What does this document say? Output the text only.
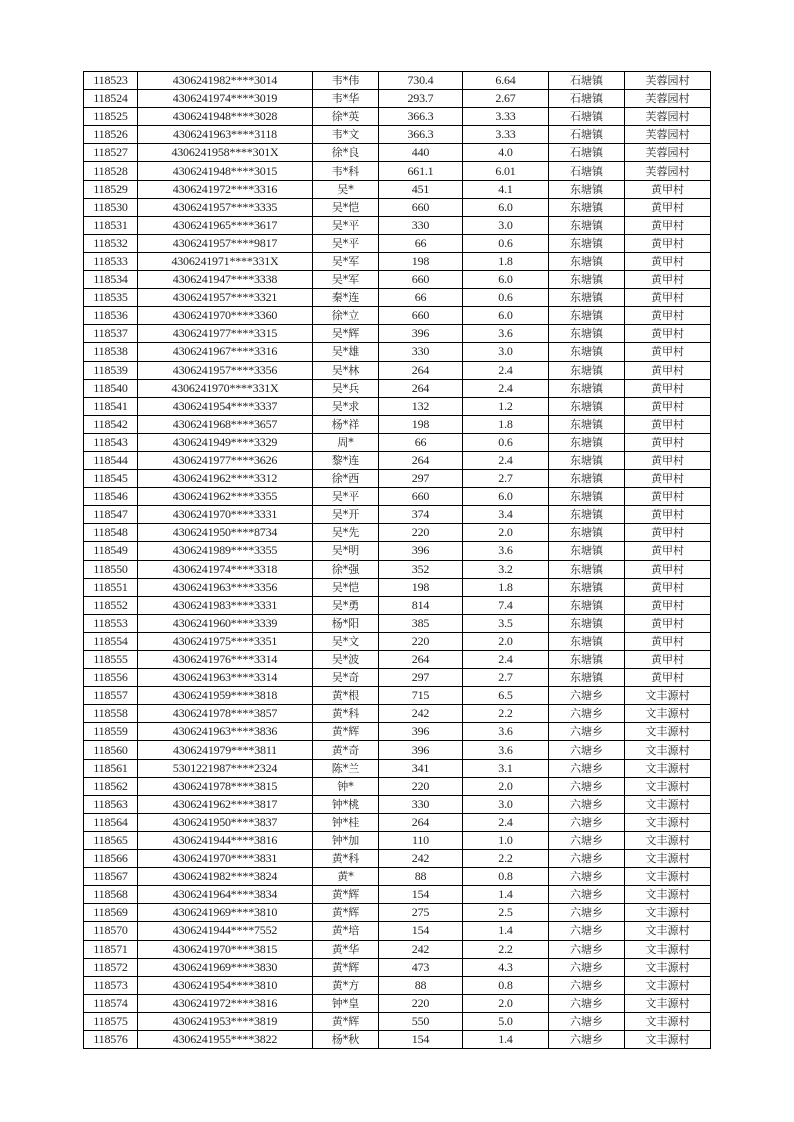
118523	4306241982****3014	韦*伟	730.4	6.64	石塘镇	芙蓉园村
118524	4306241974****3019	韦*华	293.7	2.67	石塘镇	芙蓉园村
118525	4306241948****3028	徐*英	366.3	3.33	石塘镇	芙蓉园村
118526	4306241963****3118	韦*文	366.3	3.33	石塘镇	芙蓉园村
118527	4306241958****301X	徐*良	440	4.0	石塘镇	芙蓉园村
118528	4306241948****3015	韦*科	661.1	6.01	石塘镇	芙蓉园村
118529	4306241972****3316	吴*	451	4.1	东塘镇	黄甲村
118530	4306241957****3335	吴*恺	660	6.0	东塘镇	黄甲村
118531	4306241965****3617	吴*平	330	3.0	东塘镇	黄甲村
118532	4306241957****9817	吴*平	66	0.6	东塘镇	黄甲村
118533	4306241971****331X	吴*军	198	1.8	东塘镇	黄甲村
118534	4306241947****3338	吴*军	660	6.0	东塘镇	黄甲村
118535	4306241957****3321	秦*连	66	0.6	东塘镇	黄甲村
118536	4306241970****3360	徐*立	660	6.0	东塘镇	黄甲村
118537	4306241977****3315	吴*辉	396	3.6	东塘镇	黄甲村
118538	4306241967****3316	吴*雄	330	3.0	东塘镇	黄甲村
118539	4306241957****3356	吴*林	264	2.4	东塘镇	黄甲村
118540	4306241970****331X	吴*兵	264	2.4	东塘镇	黄甲村
118541	4306241954****3337	吴*求	132	1.2	东塘镇	黄甲村
118542	4306241968****3657	杨*祥	198	1.8	东塘镇	黄甲村
118543	4306241949****3329	周*	66	0.6	东塘镇	黄甲村
118544	4306241977****3626	黎*连	264	2.4	东塘镇	黄甲村
118545	4306241962****3312	徐*西	297	2.7	东塘镇	黄甲村
118546	4306241962****3355	吴*平	660	6.0	东塘镇	黄甲村
118547	4306241970****3331	吴*开	374	3.4	东塘镇	黄甲村
118548	4306241950****8734	吴*先	220	2.0	东塘镇	黄甲村
118549	4306241989****3355	吴*明	396	3.6	东塘镇	黄甲村
118550	4306241974****3318	徐*强	352	3.2	东塘镇	黄甲村
118551	4306241963****3356	吴*恺	198	1.8	东塘镇	黄甲村
118552	4306241983****3331	吴*勇	814	7.4	东塘镇	黄甲村
118553	4306241960****3339	杨*阳	385	3.5	东塘镇	黄甲村
118554	4306241975****3351	吴*文	220	2.0	东塘镇	黄甲村
118555	4306241976****3314	吴*波	264	2.4	东塘镇	黄甲村
118556	4306241963****3314	吴*奇	297	2.7	东塘镇	黄甲村
118557	4306241959****3818	黄*根	715	6.5	六塘乡	文丰源村
118558	4306241978****3857	黄*科	242	2.2	六塘乡	文丰源村
118559	4306241963****3836	黄*辉	396	3.6	六塘乡	文丰源村
118560	4306241979****3811	黄*奇	396	3.6	六塘乡	文丰源村
118561	5301221987****2324	陈*兰	341	3.1	六塘乡	文丰源村
118562	4306241978****3815	钟*	220	2.0	六塘乡	文丰源村
118563	4306241962****3817	钟*桃	330	3.0	六塘乡	文丰源村
118564	4306241950****3837	钟*桂	264	2.4	六塘乡	文丰源村
118565	4306241944****3816	钟*加	110	1.0	六塘乡	文丰源村
118566	4306241970****3831	黄*科	242	2.2	六塘乡	文丰源村
118567	4306241982****3824	黄*	88	0.8	六塘乡	文丰源村
118568	4306241964****3834	黄*辉	154	1.4	六塘乡	文丰源村
118569	4306241969****3810	黄*辉	275	2.5	六塘乡	文丰源村
118570	4306241944****7552	黄*培	154	1.4	六塘乡	文丰源村
118571	4306241970****3815	黄*华	242	2.2	六塘乡	文丰源村
118572	4306241969****3830	黄*辉	473	4.3	六塘乡	文丰源村
118573	4306241954****3810	黄*方	88	0.8	六塘乡	文丰源村
118574	4306241972****3816	钟*皇	220	2.0	六塘乡	文丰源村
118575	4306241953****3819	黄*辉	550	5.0	六塘乡	文丰源村
118576	4306241955****3822	杨*秋	154	1.4	六塘乡	文丰源村
